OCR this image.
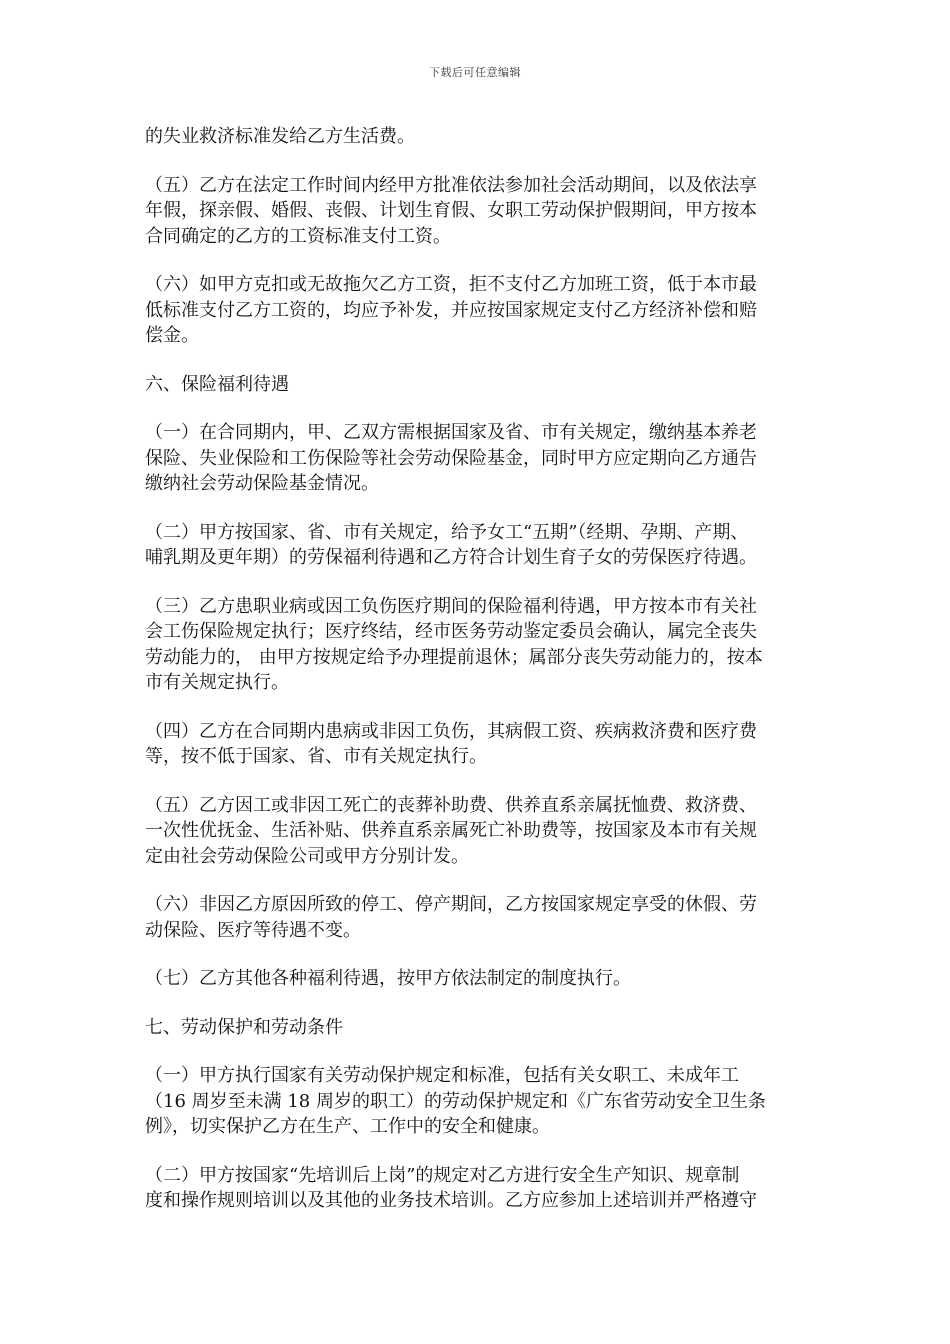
下载后可任意编辑
的失业救济标准发给乙方生活费。
（五）乙方在法定工作时间内经甲方批准依法参加社会活动期间，以及依法享
年假，探亲假、婚假、丧假、计划生育假、女职工劳动保护假期间，甲方按本
合同确定的乙方的工资标准支付工资。
（六）如甲方克扣或无故拖欠乙方工资，拒不支付乙方加班工资，低于本市最
低标准支付乙方工资的，均应予补发，并应按国家规定支付乙方经济补偿和赔
偿金。
六、保险福利待遇
（一）在合同期内，甲、乙双方需根据国家及省、市有关规定，缴纳基本养老
保险、失业保险和工伤保险等社会劳动保险基金，同时甲方应定期向乙方通告
缴纳社会劳动保险基金情况。
（二）甲方按国家、省、市有关规定，给予女工“五期”（经期、孕期、产期、
哺乳期及更年期）的劳保福利待遇和乙方符合计划生育子女的劳保医疗待遇。
（三）乙方患职业病或因工负伤医疗期间的保险福利待遇，甲方按本市有关社
会工伤保险规定执行；医疗终结，经市医务劳动鉴定委员会确认，属完全丧失
劳动能力的， 由甲方按规定给予办理提前退休；属部分丧失劳动能力的，按本
市有关规定执行。
（四）乙方在合同期内患病或非因工负伤，其病假工资、疾病救济费和医疗费
等，按不低于国家、省、市有关规定执行。
（五）乙方因工或非因工死亡的丧葬补助费、供养直系亲属抚恤费、救济费、
一次性优抚金、生活补贴、供养直系亲属死亡补助费等，按国家及本市有关规
定由社会劳动保险公司或甲方分别计发。
（六）非因乙方原因所致的停工、停产期间，乙方按国家规定享受的休假、劳
动保险、医疗等待遇不变。
（七）乙方其他各种福利待遇，按甲方依法制定的制度执行。
七、劳动保护和劳动条件
（一）甲方执行国家有关劳动保护规定和标准，包括有关女职工、未成年工
（16 周岁至未满 18 周岁的职工）的劳动保护规定和《广东省劳动安全卫生条
例》，切实保护乙方在生产、工作中的安全和健康。
（二）甲方按国家“先培训后上岗”的规定对乙方进行安全生产知识、规章制
度和操作规则培训以及其他的业务技术培训。乙方应参加上述培训并严格遵守
